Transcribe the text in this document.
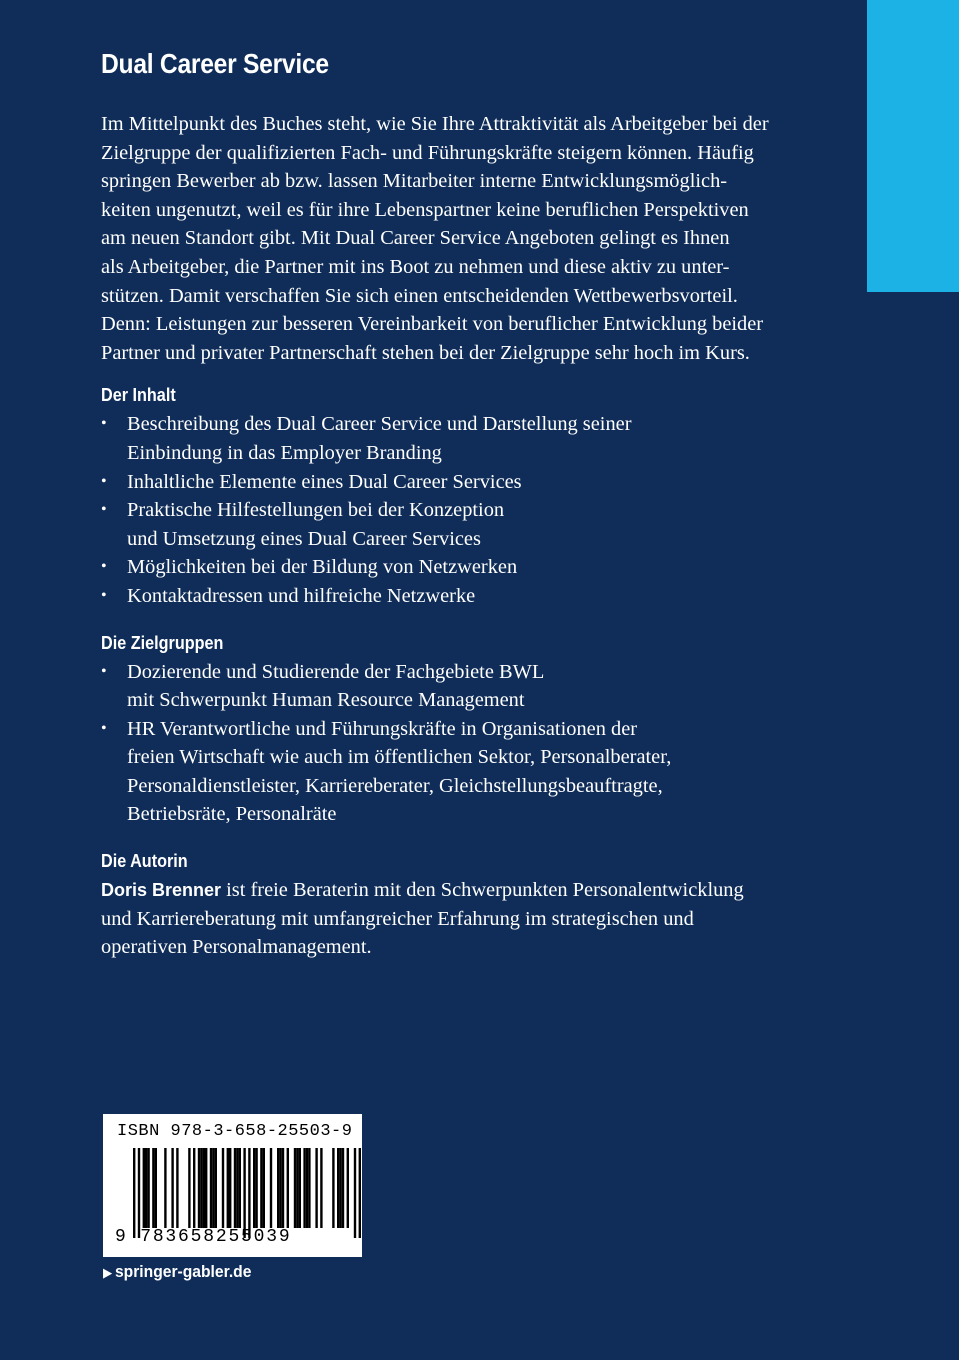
Dual Career Service

Im Mittelpunkt des Buches steht, wie Sie Ihre Attraktivität als Arbeitgeber bei der
Zielgruppe der qualifizierten Fach- und Führungskräfte steigern können. Häufig
springen Bewerber ab bzw. lassen Mitarbeiter interne Entwicklungsmöglich-
keiten ungenutzt, weil es für ihre Lebenspartner keine beruflichen Perspektiven
am neuen Standort gibt. Mit Dual Career Service Angeboten gelingt es Ihnen
als Arbeitgeber, die Partner mit ins Boot zu nehmen und diese aktiv zu unter-
stützen. Damit verschaffen Sie sich einen entscheidenden Wettbewerbsvorteil.
Denn: Leistungen zur besseren Vereinbarkeit von beruflicher Entwicklung beider
Partner und privater Partnerschaft stehen bei der Zielgruppe sehr hoch im Kurs.

Der Inhalt
• Beschreibung des Dual Career Service und Darstellung seiner
Einbindung in das Employer Branding
• Inhaltliche Elemente eines Dual Career Services
• Praktische Hilfestellungen bei der Konzeption
und Umsetzung eines Dual Career Services
• Möglichkeiten bei der Bildung von Netzwerken
• Kontaktadressen und hilfreiche Netzwerke
Die Zielgruppen
• Dozierende und Studierende der Fachgebiete BWL
mit Schwerpunkt Human Resource Management
• HR Verantwortliche und Führungskräfte in Organisationen der
freien Wirtschaft wie auch im öffentlichen Sektor, Personalberater,
Personaldienstleister, Karriereberater, Gleichstellungsbeauftragte,
Betriebsräte, Personalräte
Die Autorin

Doris Brenner ist freie Beraterin mit den Schwerpunkten Personalentwicklung
und Karriereberatung mit umfangreicher Erfahrung im strategischen und
operativen Personalmanagement.

ISBN 978-3-658-25503-9
9 783658255039
▶ springer-gabler.de
